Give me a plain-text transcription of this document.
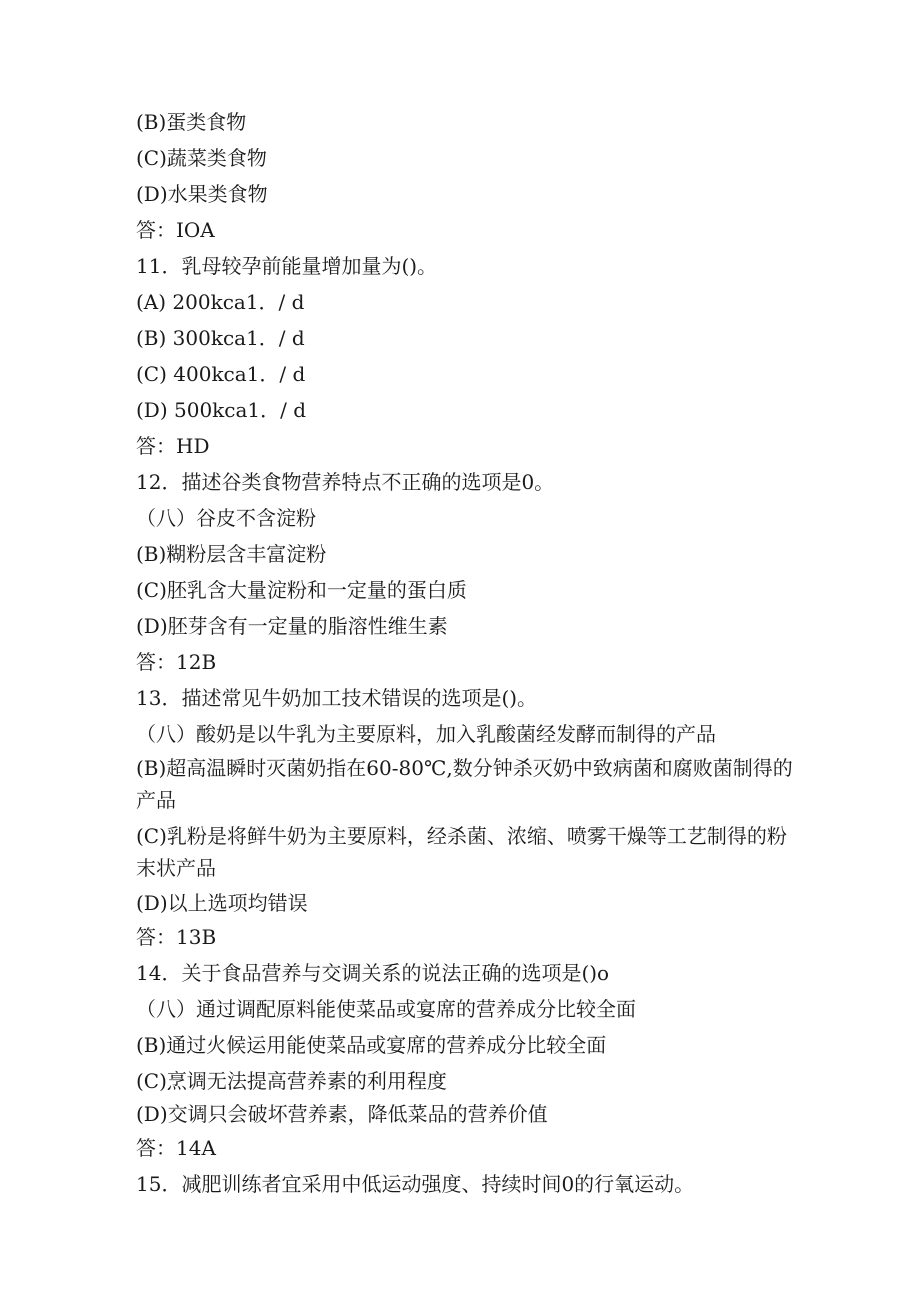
(B)蛋类食物
(C)蔬菜类食物
(D)水果类食物
答：IOA
11．乳母较孕前能量增加量为()。
(A) 200kca1．/ d
(B) 300kca1．/ d
(C) 400kca1．/ d
(D) 500kca1．/ d
答：HD
12．描述谷类食物营养特点不正确的选项是0。
（八）谷皮不含淀粉
(B)糊粉层含丰富淀粉
(C)胚乳含大量淀粉和一定量的蛋白质
(D)胚芽含有一定量的脂溶性维生素
答：12B
13．描述常见牛奶加工技术错误的选项是()。
（八）酸奶是以牛乳为主要原料，加入乳酸菌经发酵而制得的产品
(B)超高温瞬时灭菌奶指在60-80℃,数分钟杀灭奶中致病菌和腐败菌制得的产品
(C)乳粉是将鲜牛奶为主要原料，经杀菌、浓缩、喷雾干燥等工艺制得的粉末状产品
(D)以上选项均错误
答：13B
14．关于食品营养与交调关系的说法正确的选项是()o
（八）通过调配原料能使菜品或宴席的营养成分比较全面
(B)通过火候运用能使菜品或宴席的营养成分比较全面
(C)烹调无法提高营养素的利用程度
(D)交调只会破坏营养素，降低菜品的营养价值
答：14A
15．减肥训练者宜采用中低运动强度、持续时间0的行氧运动。
